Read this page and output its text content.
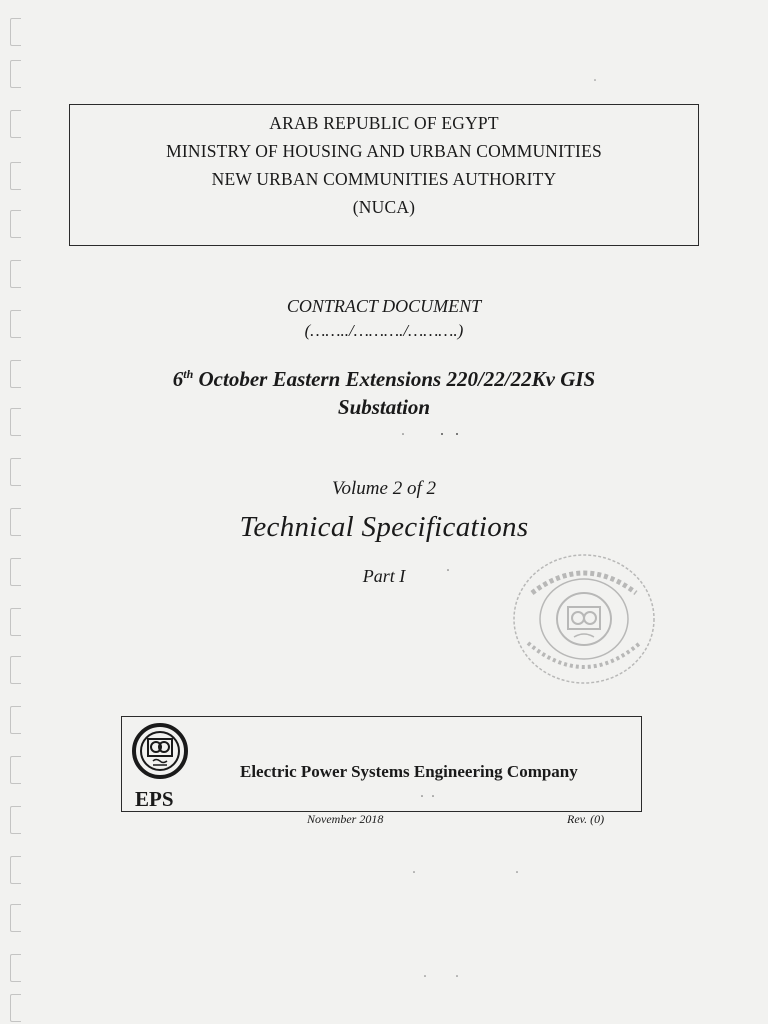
ARAB REPUBLIC OF EGYPT
MINISTRY OF HOUSING AND URBAN COMMUNITIES
NEW URBAN COMMUNITIES AUTHORITY
(NUCA)
CONTRACT DOCUMENT
(……../………./……….)
6th October Eastern Extensions 220/22/22Kv GIS
Substation
Volume 2 of 2
Technical Specifications
Part I
EPS
Electric Power Systems Engineering Company
November 2018	Rev. (0)
